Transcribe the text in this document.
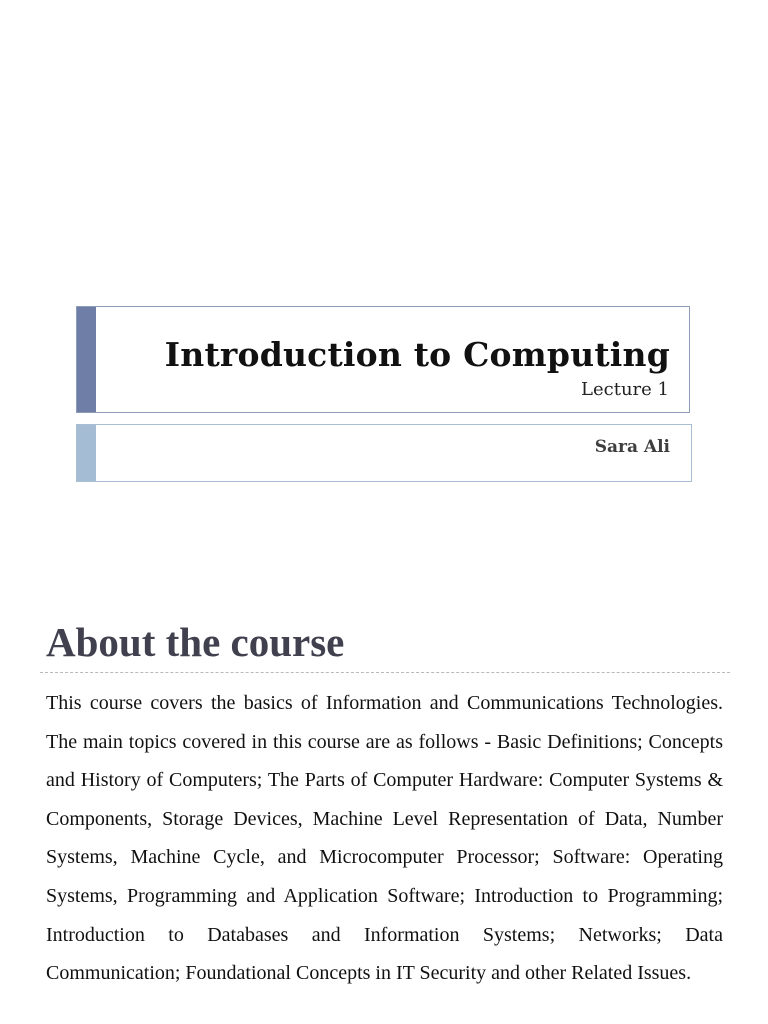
Introduction to Computing
Lecture 1
Sara Ali
About the course

This course covers the basics of Information and Communications Technologies. The main topics covered in this course are as follows - Basic Definitions; Concepts and History of Computers; The Parts of Computer Hardware: Computer Systems & Components, Storage Devices, Machine Level Representation of Data, Number Systems, Machine Cycle, and Microcomputer Processor; Software: Operating Systems, Programming and Application Software; Introduction to Programming; Introduction to Databases and Information Systems; Networks; Data Communication; Foundational Concepts in IT Security and other Related Issues.
